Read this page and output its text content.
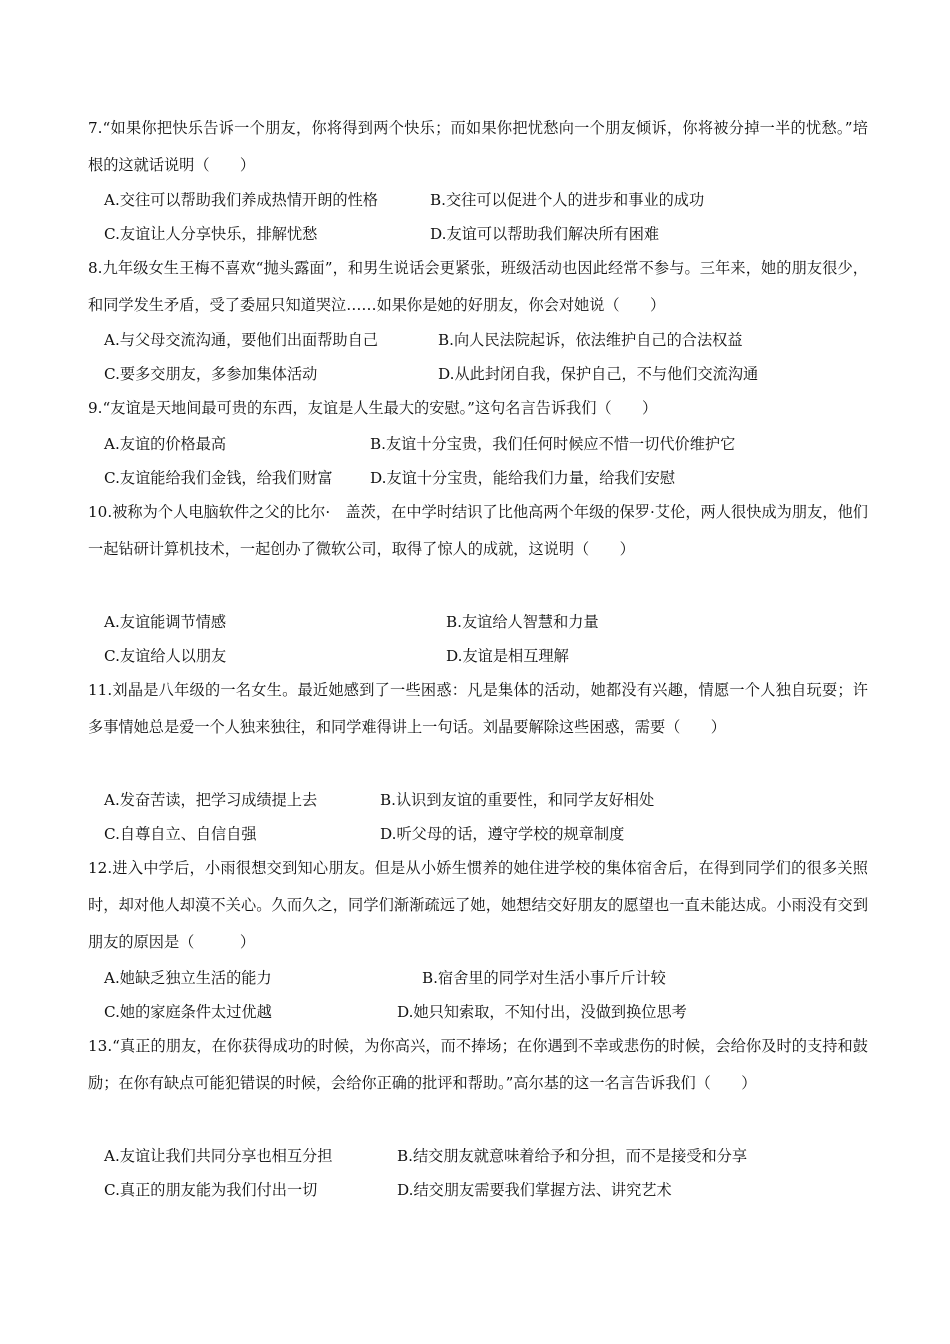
7.“如果你把快乐告诉一个朋友，你将得到两个快乐；而如果你把忧愁向一个朋友倾诉，你将被分掉一半的忧愁。”培根的这就话说明（　　）
A.交往可以帮助我们养成热情开朗的性格	B.交往可以促进个人的进步和事业的成功
C.友谊让人分享快乐，排解忧愁	D.友谊可以帮助我们解决所有困难
8.九年级女生王梅不喜欢“抛头露面”，和男生说话会更紧张，班级活动也因此经常不参与。三年来，她的朋友很少，和同学发生矛盾，受了委屈只知道哭泣……如果你是她的好朋友，你会对她说（　　）
A.与父母交流沟通，要他们出面帮助自己	B.向人民法院起诉，依法维护自己的合法权益
C.要多交朋友，多参加集体活动	D.从此封闭自我，保护自己，不与他们交流沟通
9.“友谊是天地间最可贵的东西，友谊是人生最大的安慰。”这句名言告诉我们（　　）
A.友谊的价格最高	B.友谊十分宝贵，我们任何时候应不惜一切代价维护它
C.友谊能给我们金钱，给我们财富 D.友谊十分宝贵，能给我们力量，给我们安慰
10.被称为个人电脑软件之父的比尔·　盖茨，在中学时结识了比他高两个年级的保罗·艾伦，两人很快成为朋友，他们一起钻研计算机技术，一起创办了微软公司，取得了惊人的成就，这说明（　　）
A.友谊能调节情感	B.友谊给人智慧和力量
C.友谊给人以朋友	D.友谊是相互理解
11.刘晶是八年级的一名女生。最近她感到了一些困惑：凡是集体的活动，她都没有兴趣，情愿一个人独自玩耍；许多事情她总是爱一个人独来独往，和同学难得讲上一句话。刘晶要解除这些困惑，需要（　　）
A.发奋苦读，把学习成绩提上去	B.认识到友谊的重要性，和同学友好相处
C.自尊自立、自信自强	D.听父母的话，遵守学校的规章制度
12.进入中学后，小雨很想交到知心朋友。但是从小娇生惯养的她住进学校的集体宿舍后，在得到同学们的很多关照时，却对他人却漠不关心。久而久之，同学们渐渐疏远了她，她想结交好朋友的愿望也一直未能达成。小雨没有交到朋友的原因是（　　　）
A.她缺乏独立生活的能力	B.宿舍里的同学对生活小事斤斤计较
C.她的家庭条件太过优越	D.她只知索取，不知付出，没做到换位思考
13.“真正的朋友，在你获得成功的时候，为你高兴，而不捧场；在你遇到不幸或悲伤的时候，会给你及时的支持和鼓励；在你有缺点可能犯错误的时候，会给你正确的批评和帮助。”高尔基的这一名言告诉我们（　　）
A.友谊让我们共同分享也相互分担	B.结交朋友就意味着给予和分担，而不是接受和分享
C.真正的朋友能为我们付出一切	D.结交朋友需要我们掌握方法、讲究艺术
